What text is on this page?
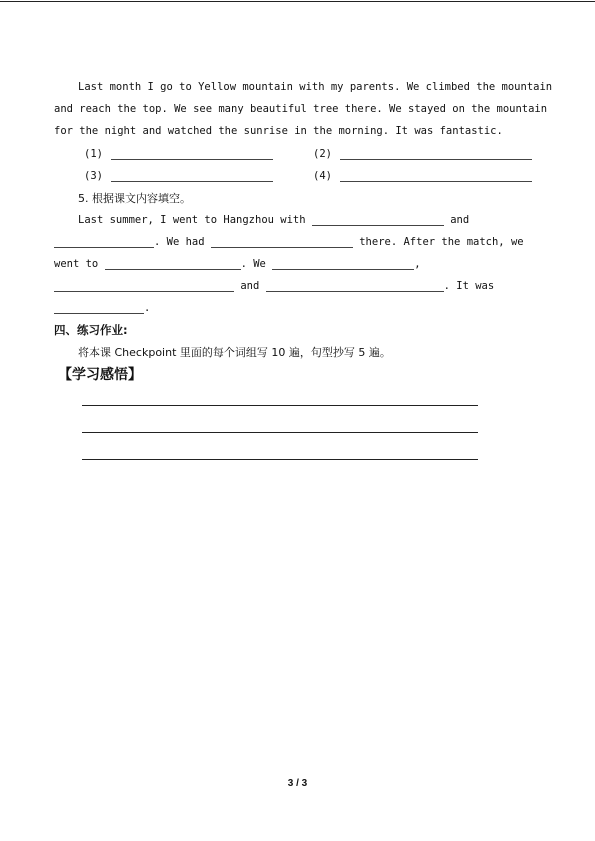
Last month I go to Yellow mountain with my parents. We climbed the mountain
and reach the top. We see many beautiful tree there. We stayed on the mountain
for the night and watched the sunrise in the morning. It was fantastic.
(1)	(2)
(3)	(4)
5. 根据课文内容填空。
Last summer, I went to Hangzhou with	and
. We had	there. After the match, we
went to	. We	,
and	. It was
.
四、练习作业:
将本课 Checkpoint 里面的每个词组写 10 遍，句型抄写 5 遍。
【学习感悟】
3 / 3
